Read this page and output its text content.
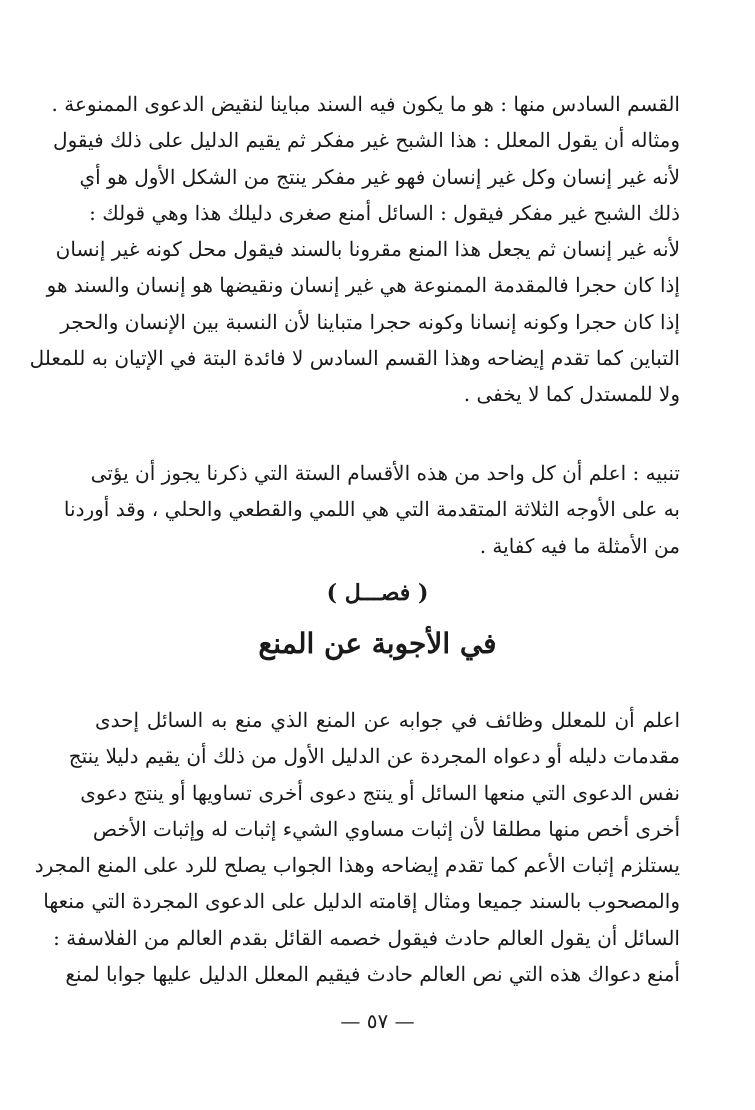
القسم السادس منها : هو ما يكون فيه السند مباينا لنقيض الدعوى الممنوعة .
ومثاله أن يقول المعلل : هذا الشبح غير مفكر ثم يقيم الدليل على ذلك فيقول
لأنه غير إنسان وكل غير إنسان فهو غير مفكر ينتج من الشكل الأول هو أي
ذلك الشبح غير مفكر فيقول : السائل أمنع صغرى دليلك هذا وهي قولك :
لأنه غير إنسان ثم يجعل هذا المنع مقرونا بالسند فيقول محل كونه غير إنسان
إذا كان حجرا فالمقدمة الممنوعة هي غير إنسان ونقيضها هو إنسان والسند هو
إذا كان حجرا وكونه إنسانا وكونه حجرا متباينا لأن النسبة بين الإنسان والحجر
التباين كما تقدم إيضاحه وهذا القسم السادس لا فائدة البتة في الإتيان به للمعلل
ولا للمستدل كما لا يخفى .
تنبيه : اعلم أن كل واحد من هذه الأقسام الستة التي ذكرنا يجوز أن يؤتى
به على الأوجه الثلاثة المتقدمة التي هي اللمي والقطعي والحلي ، وقد أوردنا
من الأمثلة ما فيه كفاية .
( فصـــل )
في الأجوبة عن المنع
اعلم أن للمعلل وظائف في جوابه عن المنع الذي منع به السائل إحدى
مقدمات دليله أو دعواه المجردة عن الدليل الأول من ذلك أن يقيم دليلا ينتج
نفس الدعوى التي منعها السائل أو ينتج دعوى أخرى تساويها أو ينتج دعوى
أخرى أخص منها مطلقا لأن إثبات مساوي الشيء إثبات له وإثبات الأخص
يستلزم إثبات الأعم كما تقدم إيضاحه وهذا الجواب يصلح للرد على المنع المجرد
والمصحوب بالسند جميعا ومثال إقامته الدليل على الدعوى المجردة التي منعها
السائل أن يقول العالم حادث فيقول خصمه القائل بقدم العالم من الفلاسفة :
أمنع دعواك هذه التي نص العالم حادث فيقيم المعلل الدليل عليها جوابا لمنع
— ٥٧ —
